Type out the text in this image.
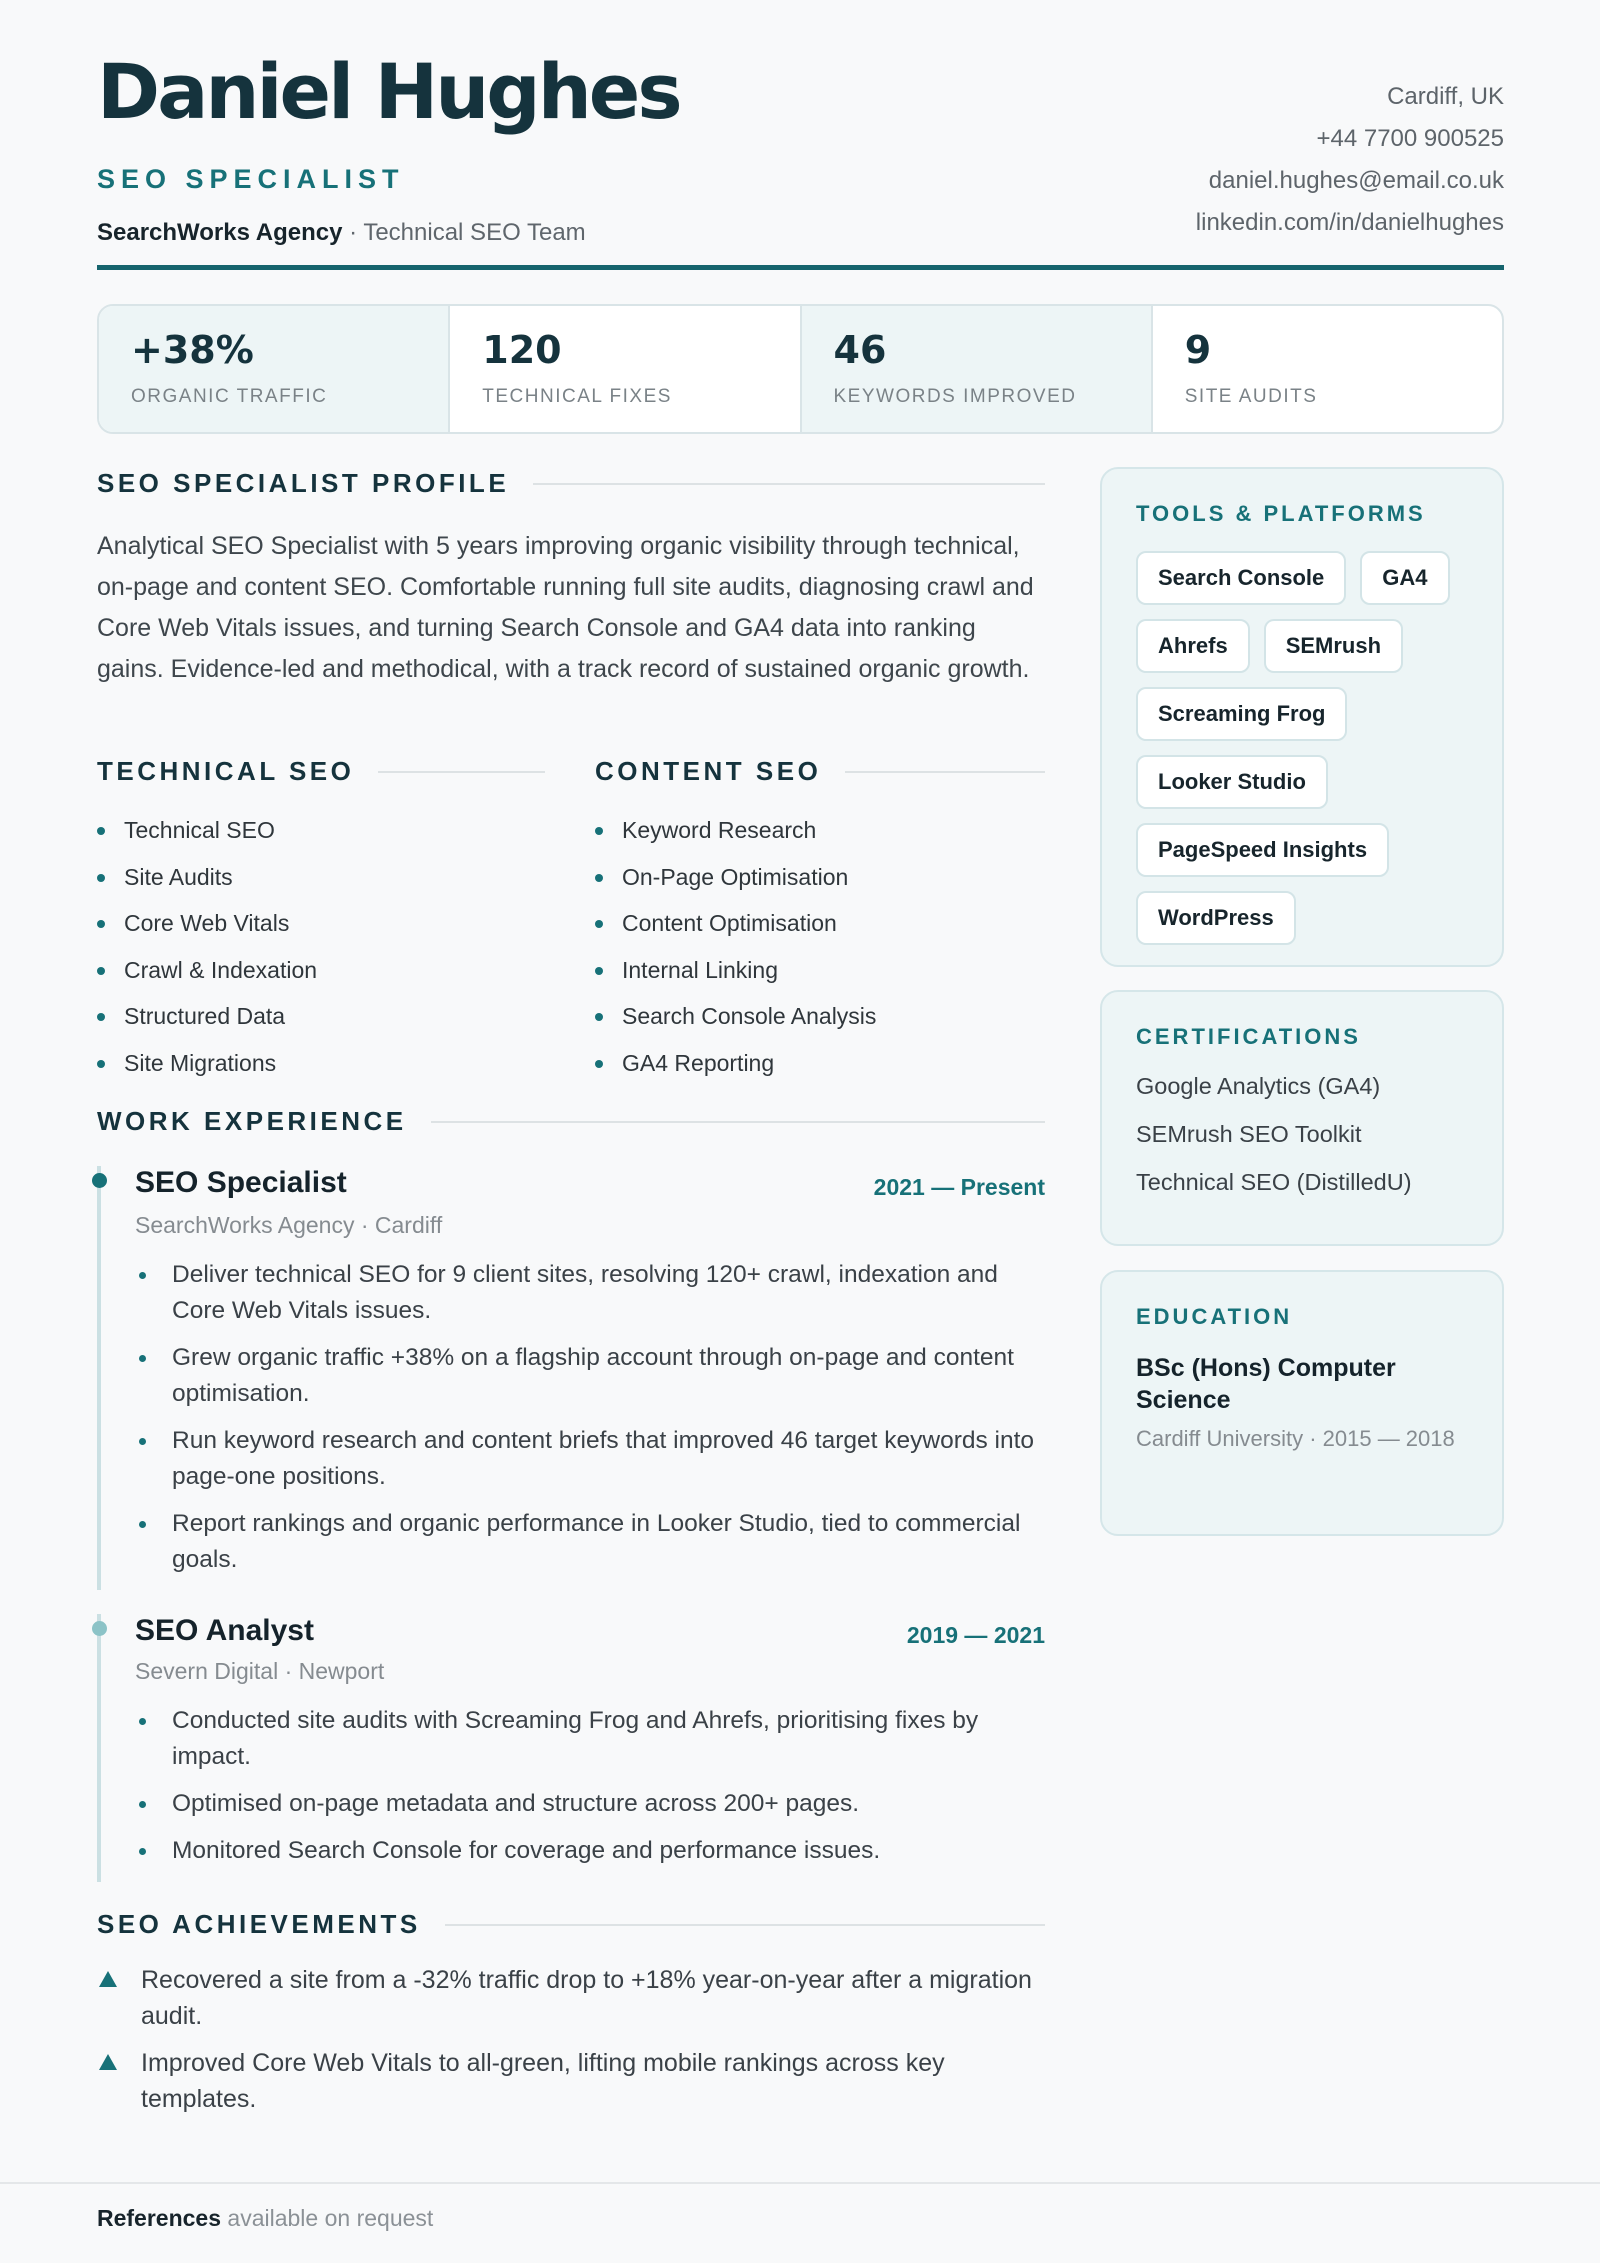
Daniel Hughes
SEO SPECIALIST
SearchWorks Agency · Technical SEO Team
Cardiff, UK
+44 7700 900525
daniel.hughes@email.co.uk
linkedin.com/in/danielhughes
+38%
ORGANIC TRAFFIC
120
TECHNICAL FIXES
46
KEYWORDS IMPROVED
9
SITE AUDITS
SEO SPECIALIST PROFILE

Analytical SEO Specialist with 5 years improving organic visibility through technical, on-page and content SEO. Comfortable running full site audits, diagnosing crawl and Core Web Vitals issues, and turning Search Console and GA4 data into ranking gains. Evidence-led and methodical, with a track record of sustained organic growth.

TECHNICAL SEO
Technical SEO
Site Audits
Core Web Vitals
Crawl & Indexation
Structured Data
Site Migrations
CONTENT SEO
Keyword Research
On-Page Optimisation
Content Optimisation
Internal Linking
Search Console Analysis
GA4 Reporting
WORK EXPERIENCE
SEO Specialist	2021 — Present
SearchWorks Agency · Cardiff
Deliver technical SEO for 9 client sites, resolving 120+ crawl, indexation and Core Web Vitals issues.
Grew organic traffic +38% on a flagship account through on-page and content optimisation.
Run keyword research and content briefs that improved 46 target keywords into page-one positions.
Report rankings and organic performance in Looker Studio, tied to commercial goals.
SEO Analyst	2019 — 2021
Severn Digital · Newport
Conducted site audits with Screaming Frog and Ahrefs, prioritising fixes by impact.
Optimised on-page metadata and structure across 200+ pages.
Monitored Search Console for coverage and performance issues.
SEO ACHIEVEMENTS
Recovered a site from a -32% traffic drop to +18% year-on-year after a migration audit.
Improved Core Web Vitals to all-green, lifting mobile rankings across key templates.
TOOLS & PLATFORMS
Search Console	GA4
Ahrefs	SEMrush
Screaming Frog
Looker Studio
PageSpeed Insights
WordPress
CERTIFICATIONS
Google Analytics (GA4)
SEMrush SEO Toolkit
Technical SEO (DistilledU)
EDUCATION
BSc (Hons) Computer Science
Cardiff University · 2015 — 2018
References available on request
